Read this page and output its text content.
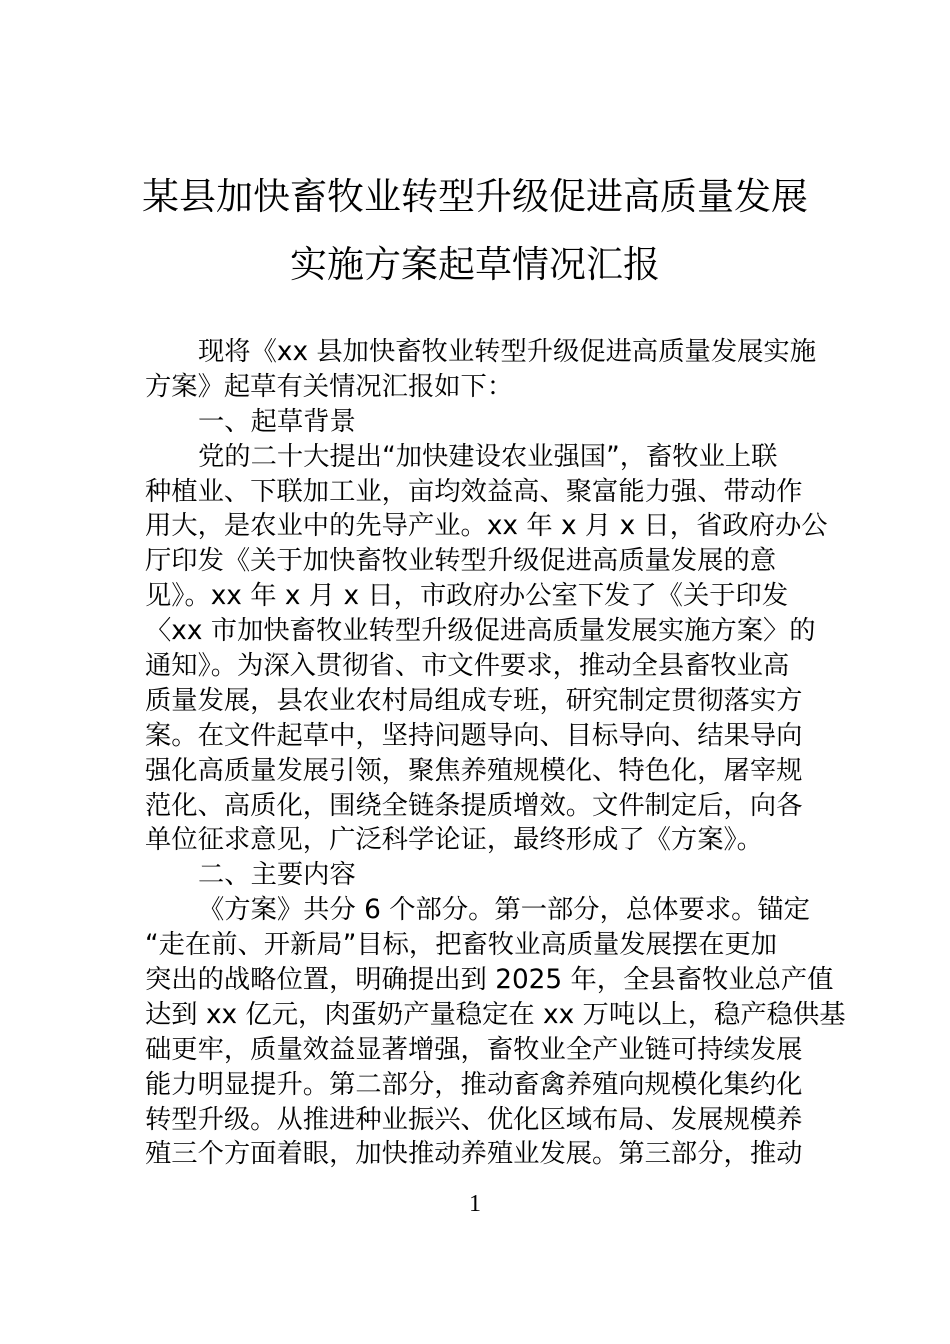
某县加快畜牧业转型升级促进高质量发展
实施方案起草情况汇报
现将《xx 县加快畜牧业转型升级促进高质量发展实施
方案》起草有关情况汇报如下：
一、起草背景
党的二十大提出“加快建设农业强国”，畜牧业上联
种植业、下联加工业，亩均效益高、聚富能力强、带动作
用大，是农业中的先导产业。xx 年 x 月 x 日，省政府办公
厅印发《关于加快畜牧业转型升级促进高质量发展的意
见》。xx 年 x 月 x 日，市政府办公室下发了《关于印发
〈xx 市加快畜牧业转型升级促进高质量发展实施方案〉的
通知》。为深入贯彻省、市文件要求，推动全县畜牧业高
质量发展，县农业农村局组成专班，研究制定贯彻落实方
案。在文件起草中，坚持问题导向、目标导向、结果导向
强化高质量发展引领，聚焦养殖规模化、特色化，屠宰规
范化、高质化，围绕全链条提质增效。文件制定后，向各
单位征求意见，广泛科学论证，最终形成了《方案》。
二、主要内容
《方案》共分 6 个部分。第一部分，总体要求。锚定
“走在前、开新局”目标，把畜牧业高质量发展摆在更加
突出的战略位置，明确提出到 2025 年，全县畜牧业总产值
达到 xx 亿元，肉蛋奶产量稳定在 xx 万吨以上，稳产稳供基
础更牢，质量效益显著增强，畜牧业全产业链可持续发展
能力明显提升。第二部分，推动畜禽养殖向规模化集约化
转型升级。从推进种业振兴、优化区域布局、发展规模养
殖三个方面着眼，加快推动养殖业发展。第三部分，推动
1
